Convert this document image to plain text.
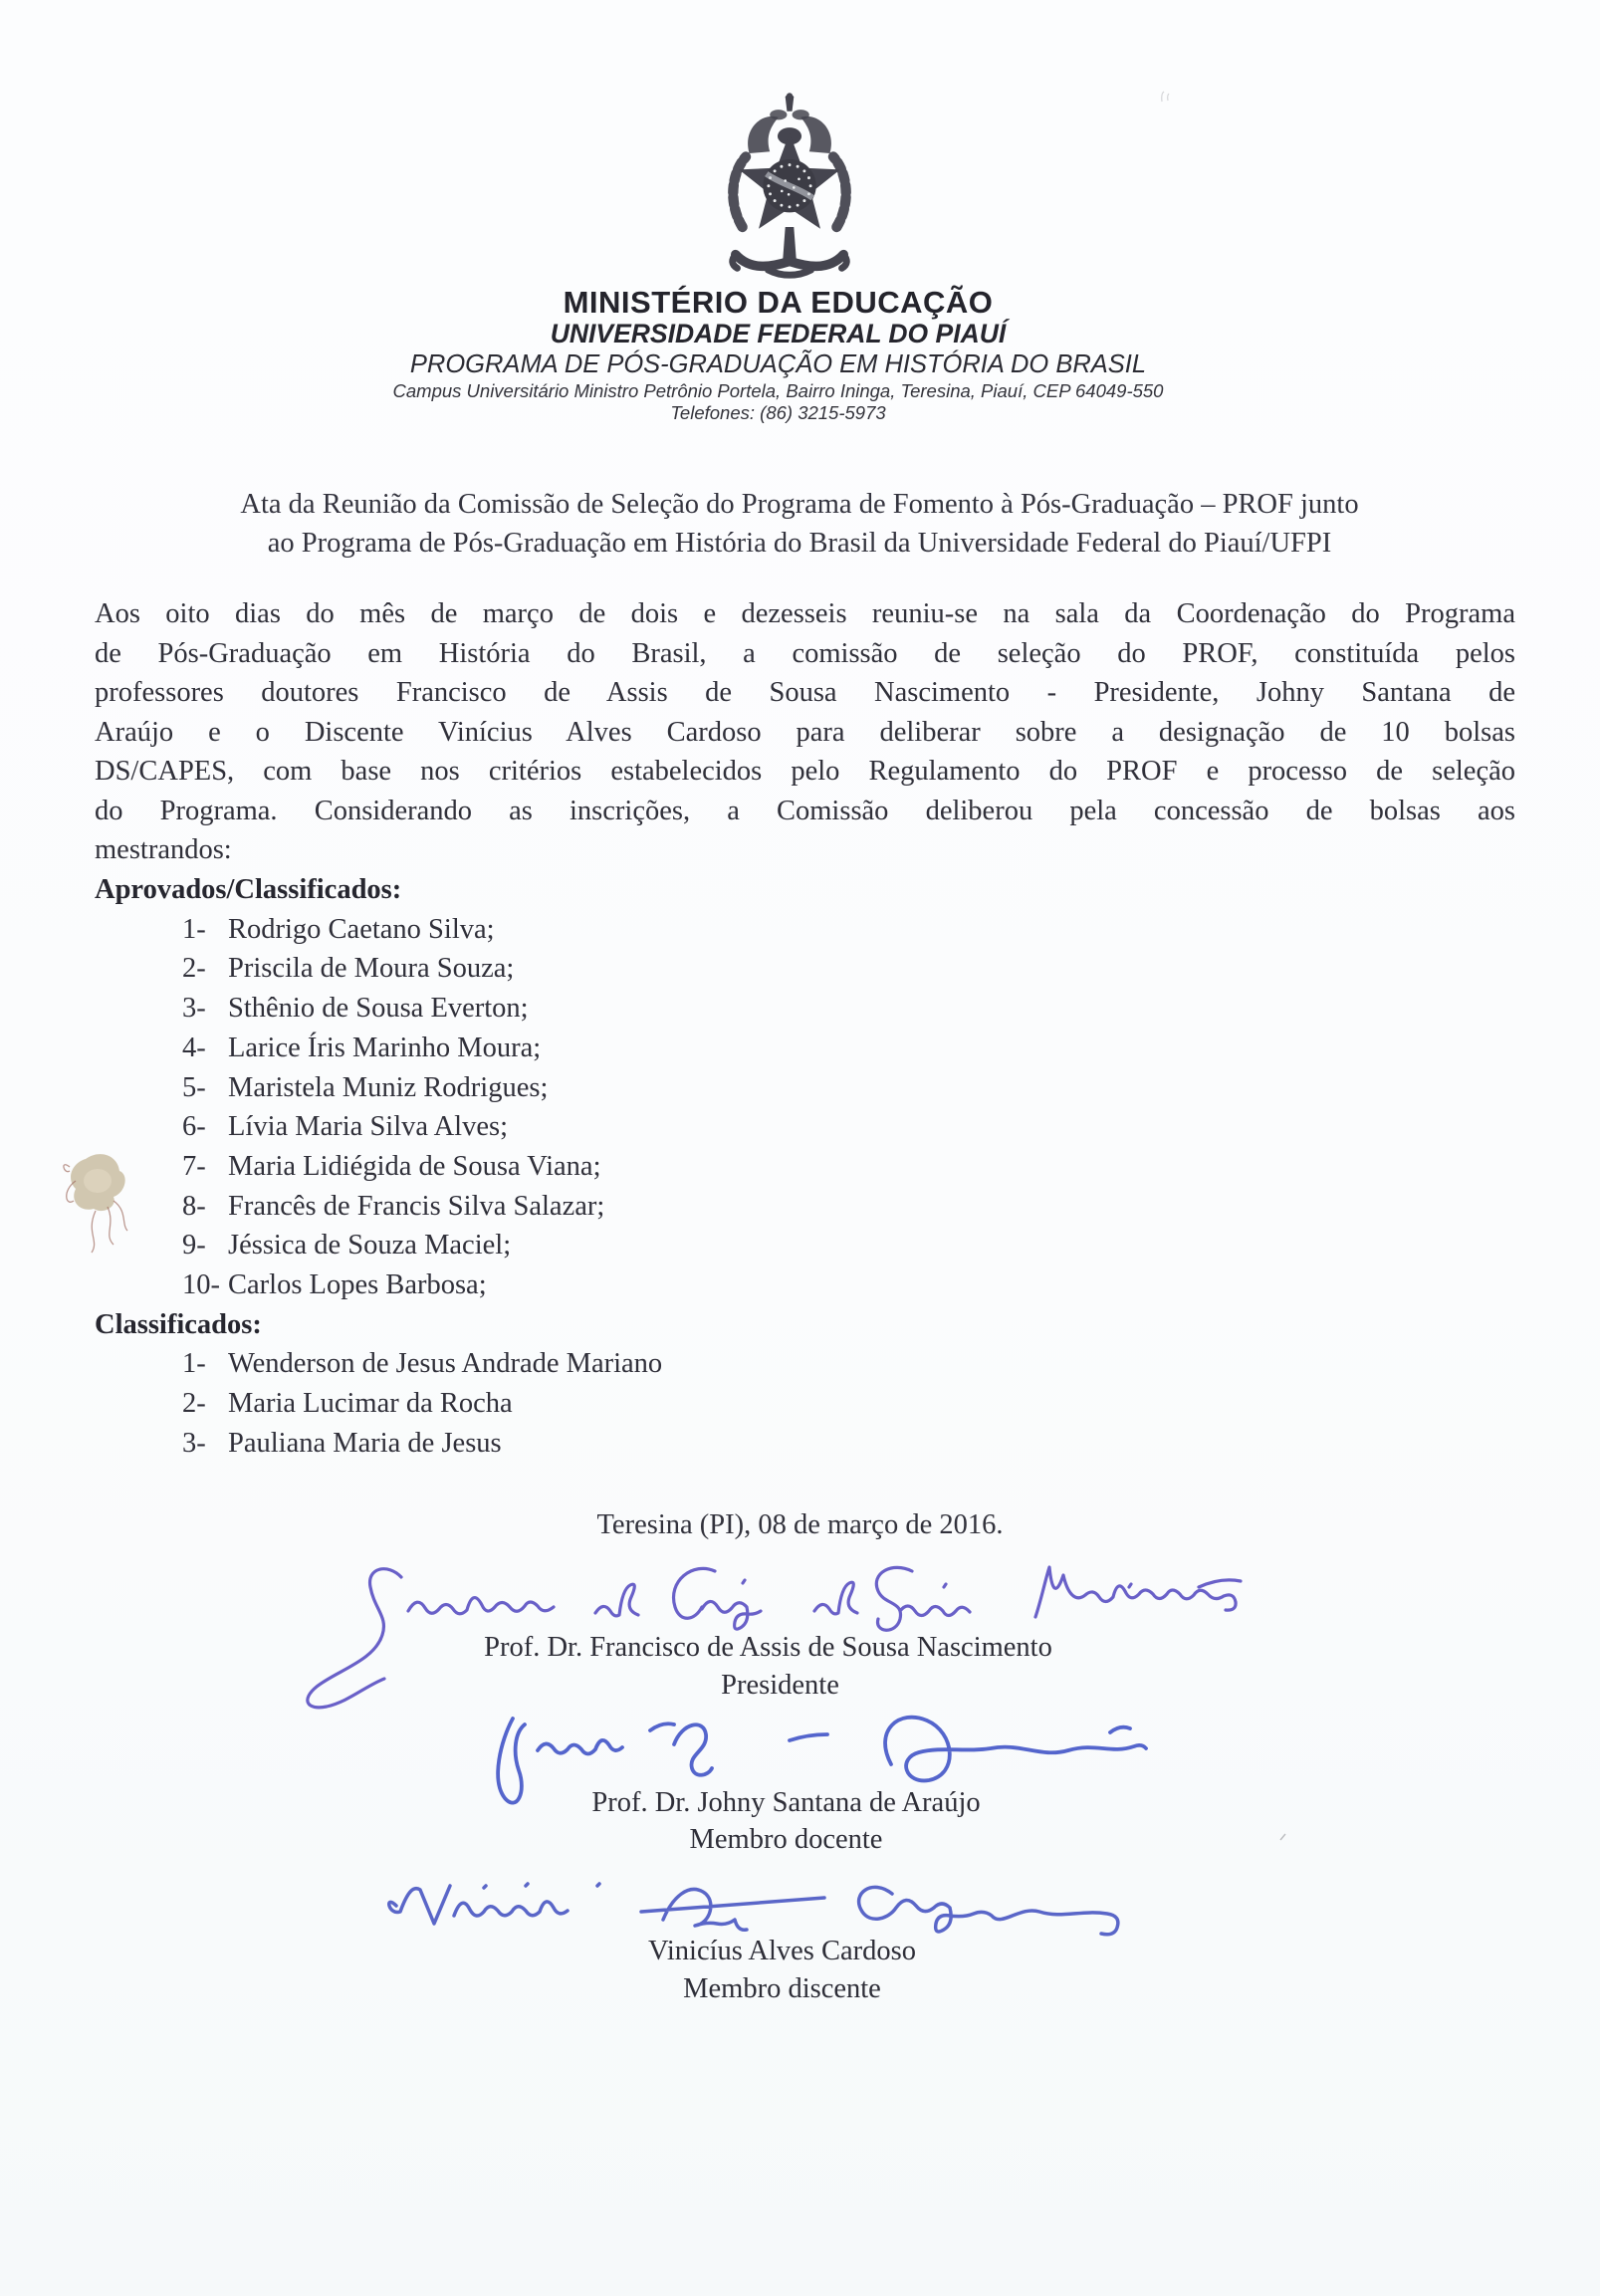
MINISTÉRIO DA EDUCAÇÃO
UNIVERSIDADE FEDERAL DO PIAUÍ
PROGRAMA DE PÓS-GRADUAÇÃO EM HISTÓRIA DO BRASIL
Campus Universitário Ministro Petrônio Portela, Bairro Ininga, Teresina, Piauí, CEP 64049-550
Telefones: (86) 3215-5973
Ata da Reunião da Comissão de Seleção do Programa de Fomento à Pós-Graduação – PROF junto
ao Programa de Pós-Graduação em História do Brasil da Universidade Federal do Piauí/UFPI
Aos oito dias do mês de março de dois e dezesseis reuniu-se na sala da Coordenação do Programa
de Pós-Graduação em História do Brasil, a comissão de seleção do PROF, constituída pelos
professores doutores Francisco de Assis de Sousa Nascimento - Presidente, Johny Santana de
Araújo e o Discente Vinícius Alves Cardoso para deliberar sobre a designação de 10 bolsas
DS/CAPES, com base nos critérios estabelecidos pelo Regulamento do PROF e processo de seleção
do Programa. Considerando as inscrições, a Comissão deliberou pela concessão de bolsas aos
mestrandos:
Aprovados/Classificados:
1- Rodrigo Caetano Silva;
2- Priscila de Moura Souza;
3- Sthênio de Sousa Everton;
4- Larice Íris Marinho Moura;
5- Maristela Muniz Rodrigues;
6- Lívia Maria Silva Alves;
7- Maria Lidiégida de Sousa Viana;
8- Francês de Francis Silva Salazar;
9- Jéssica de Souza Maciel;
10- Carlos Lopes Barbosa;
Classificados:
1- Wenderson de Jesus Andrade Mariano
2- Maria Lucimar da Rocha
3- Pauliana Maria de Jesus
Teresina (PI), 08 de março de 2016.
Prof. Dr. Francisco de Assis de Sousa Nascimento
Presidente
Prof. Dr. Johny Santana de Araújo
Membro docente
Vinicíus Alves Cardoso
Membro discente
